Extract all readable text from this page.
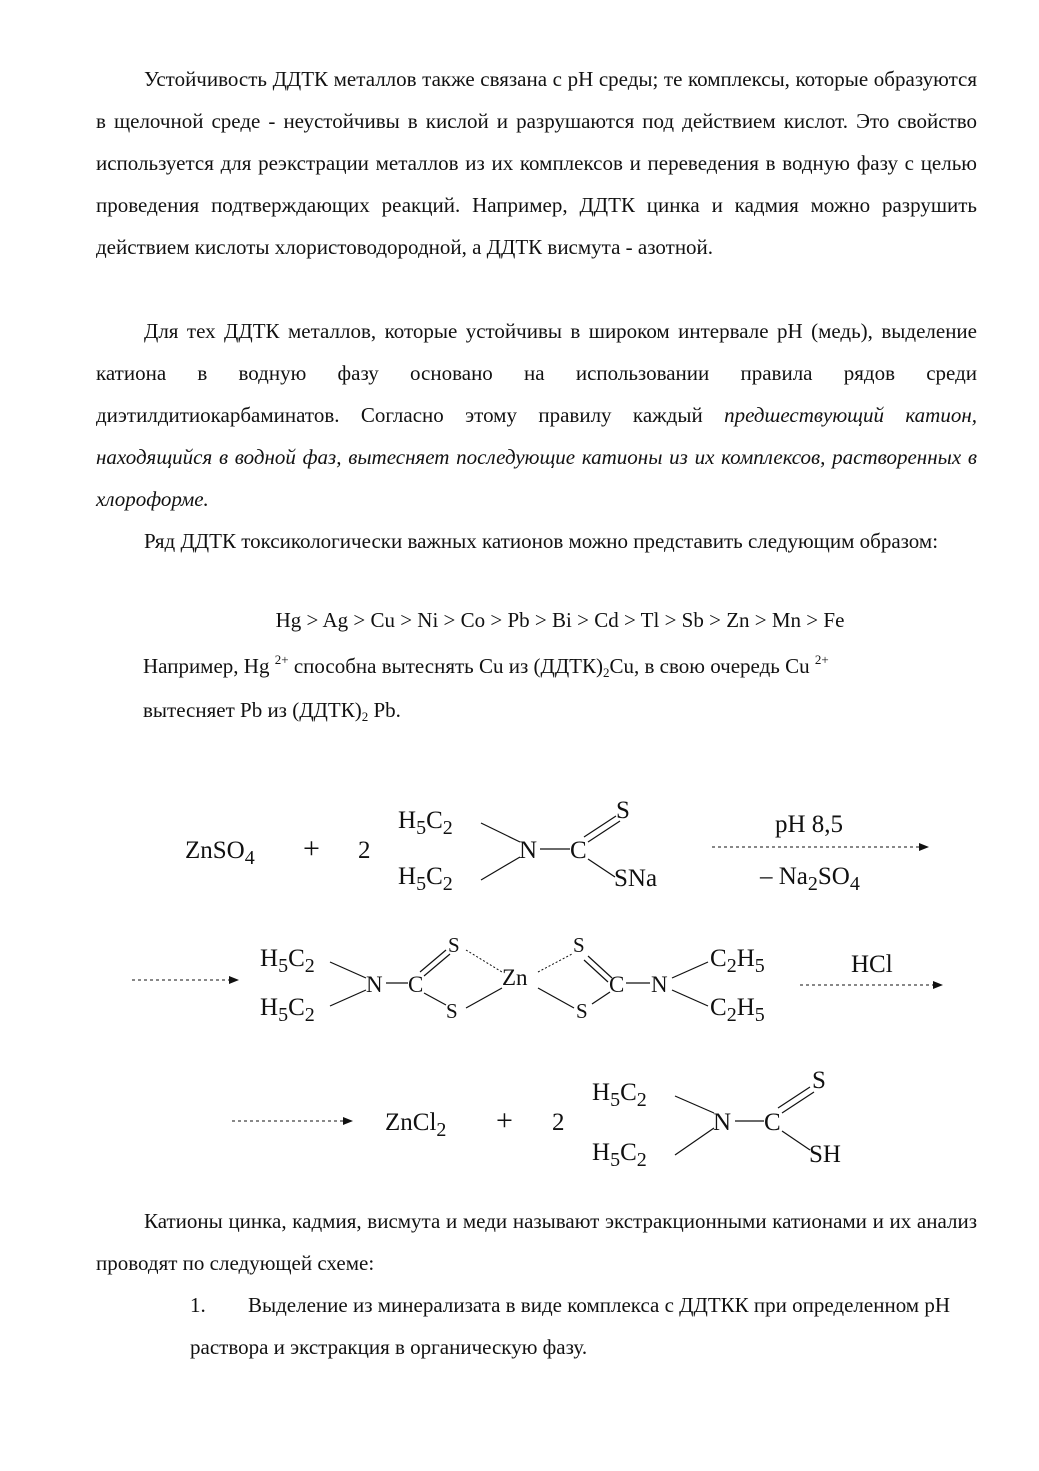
Устойчивость ДДТК металлов также связана с pH среды; те комплексы, которые образуются в щелочной среде - неустойчивы в кислой и разрушаются под действием кислот. Это свойство используется для реэкстрации металлов из их комплексов и переведения в водную фазу с целью проведения подтверждающих реакций. Например, ДДТК цинка и кадмия можно разрушить действием кислоты хлористоводородной, а ДДТК висмута - азотной.

Для тех ДДТК металлов, которые устойчивы в широком интервале pH (медь), выделение катиона в водную фазу основано на использовании правила рядов среди диэтилдитиокарбаминатов. Согласно этому правилу каждый предшествующий катион, находящийся в водной фаз, вытесняет последующие катионы из их комплексов, растворенных в хлороформе.

Ряд ДДТК токсикологически важных катионов можно представить следующим образом:

Hg > Ag > Cu > Ni > Co > Pb > Bi > Cd > Tl > Sb > Zn > Mn > Fe
Например, Hg $^{2+}$ способна вытеснять Cu из $(ДДТК)_2Cu$, в свою очередь Cu $^{2+}$
вытесняет Pb из $(ДДТК)_2$ Pb.
ZnSO$_4$ + 2
$H_5C_2$
$H_5C_2$
N C
S
SNa
pH 8,5
– $Na_2SO_4$
$H_5C_2$
$H_5C_2$
N C
S
S
Zn
S
S
C N
$C_2H_5$
$C_2H_5$
HCl
ZnCl$_2$ + 2
$H_5C_2$
$H_5C_2$
N C
S
SH

Катионы цинка, кадмия, висмута и меди называют экстракционными катионами и их анализ проводят по следующей схеме:

1. Выделение из минерализата в виде комплекса с ДДТКК при определенном pH раствора и экстракция в органическую фазу.
